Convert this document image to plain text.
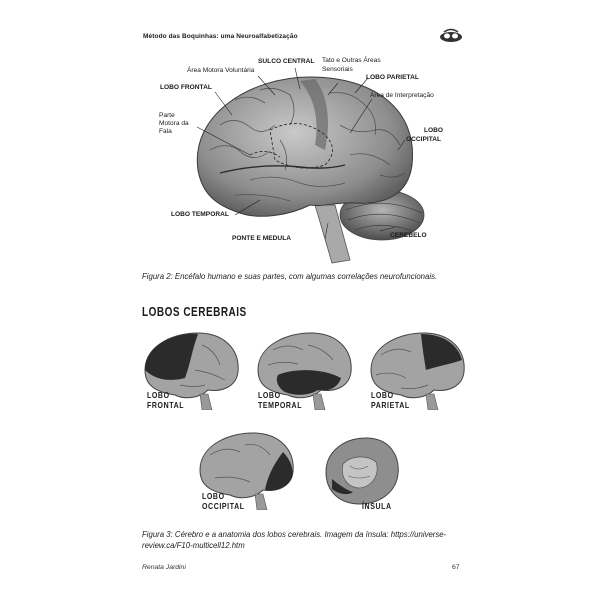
Método das Boquinhas: uma Neuroalfabetização
SULCO CENTRAL Tato e Outras Áreas
Sensoriais
Área Motora Voluntária
LOBO PARIETAL
LOBO FRONTAL
Área de Interpretação
Parte
Motora da
Fala	LOBO
OCCIPITAL
LOBO TEMPORAL
CEREBELO
PONTE E MEDULA
Figura 2: Encéfalo humano e suas partes, com algumas correlações neurofuncionais.
LOBOS CEREBRAIS
LOBO
FRONTAL
LOBO
TEMPORAL
LOBO
PARIETAL
LOBO
OCCIPITAL	ÍNSULA
Figura 3: Cérebro e a anatomia dos lobos cerebrais. Imagem da ínsula: https://universe-
review.ca/F10-multicell12.htm
Renata Jardini	67
